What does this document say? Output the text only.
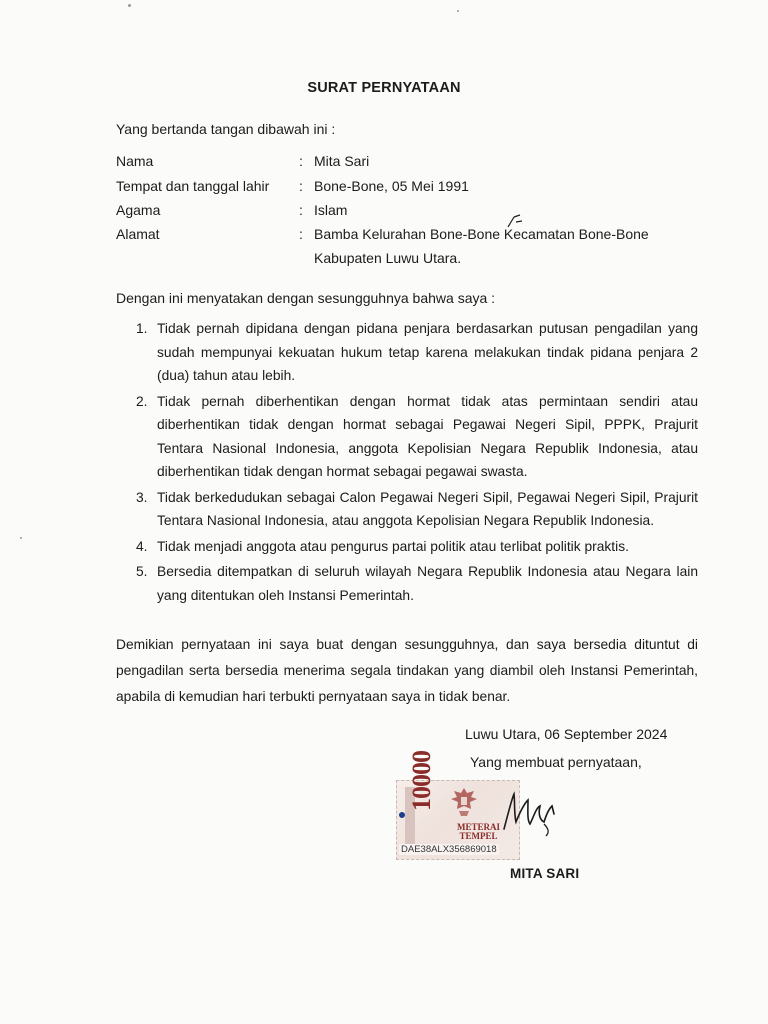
SURAT PERNYATAAN
Yang bertanda tangan dibawah ini :
Nama	: Mita Sari
Tempat dan tanggal lahir : Bone-Bone, 05 Mei 1991
Agama	: Islam
Alamat	: Bamba Kelurahan Bone-Bone Kecamatan Bone-Bone Kabupaten Luwu Utara.
Dengan ini menyatakan dengan sesungguhnya bahwa saya :
1. Tidak pernah dipidana dengan pidana penjara berdasarkan putusan pengadilan yang sudah mempunyai kekuatan hukum tetap karena melakukan tindak pidana penjara 2 (dua) tahun atau lebih.
2. Tidak pernah diberhentikan dengan hormat tidak atas permintaan sendiri atau diberhentikan tidak dengan hormat sebagai Pegawai Negeri Sipil, PPPK, Prajurit Tentara Nasional Indonesia, anggota Kepolisian Negara Republik Indonesia, atau diberhentikan tidak dengan hormat sebagai pegawai swasta.
3. Tidak berkedudukan sebagai Calon Pegawai Negeri Sipil, Pegawai Negeri Sipil, Prajurit Tentara Nasional Indonesia, atau anggota Kepolisian Negara Republik Indonesia.
4. Tidak menjadi anggota atau pengurus partai politik atau terlibat politik praktis.
5. Bersedia ditempatkan di seluruh wilayah Negara Republik Indonesia atau Negara lain yang ditentukan oleh Instansi Pemerintah.
Demikian pernyataan ini saya buat dengan sesungguhnya, dan saya bersedia dituntut di pengadilan serta bersedia menerima segala tindakan yang diambil oleh Instansi Pemerintah, apabila di kemudian hari terbukti pernyataan saya in tidak benar.
Luwu Utara, 06 September 2024
Yang membuat pernyataan,
10000
METERAI
TEMPEL
DAE38ALX356869018
MITA SARI
